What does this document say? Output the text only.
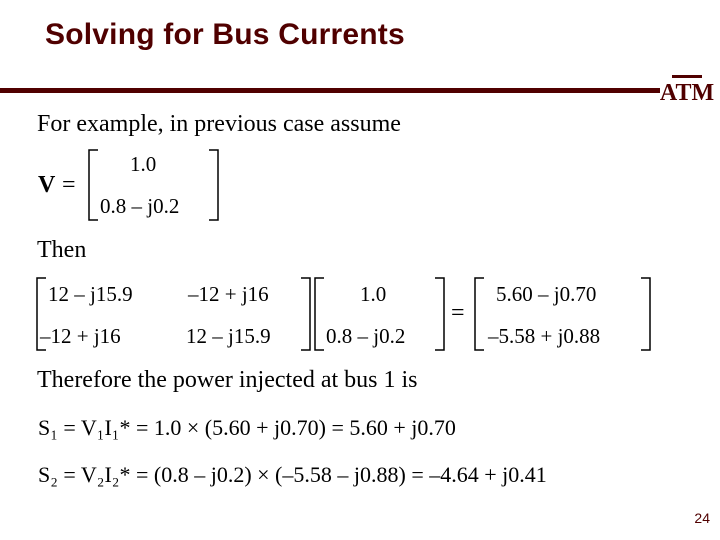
Solving for Bus Currents
ATM
For example, in previous case assume
V =
1.0
0.8 – j0.2
Then
12 – j15.9	–12 + j16
–12 + j16	12 – j15.9
1.0
0.8 – j0.2
=
5.60 – j0.70
–5.58 + j0.88
Therefore the power injected at bus 1 is
S₁ = V₁I₁* = 1.0 × (5.60 + j0.70) = 5.60 + j0.70
S₂ = V₂I₂* = (0.8 – j0.2) × (–5.58 – j0.88) = –4.64 + j0.41
24
